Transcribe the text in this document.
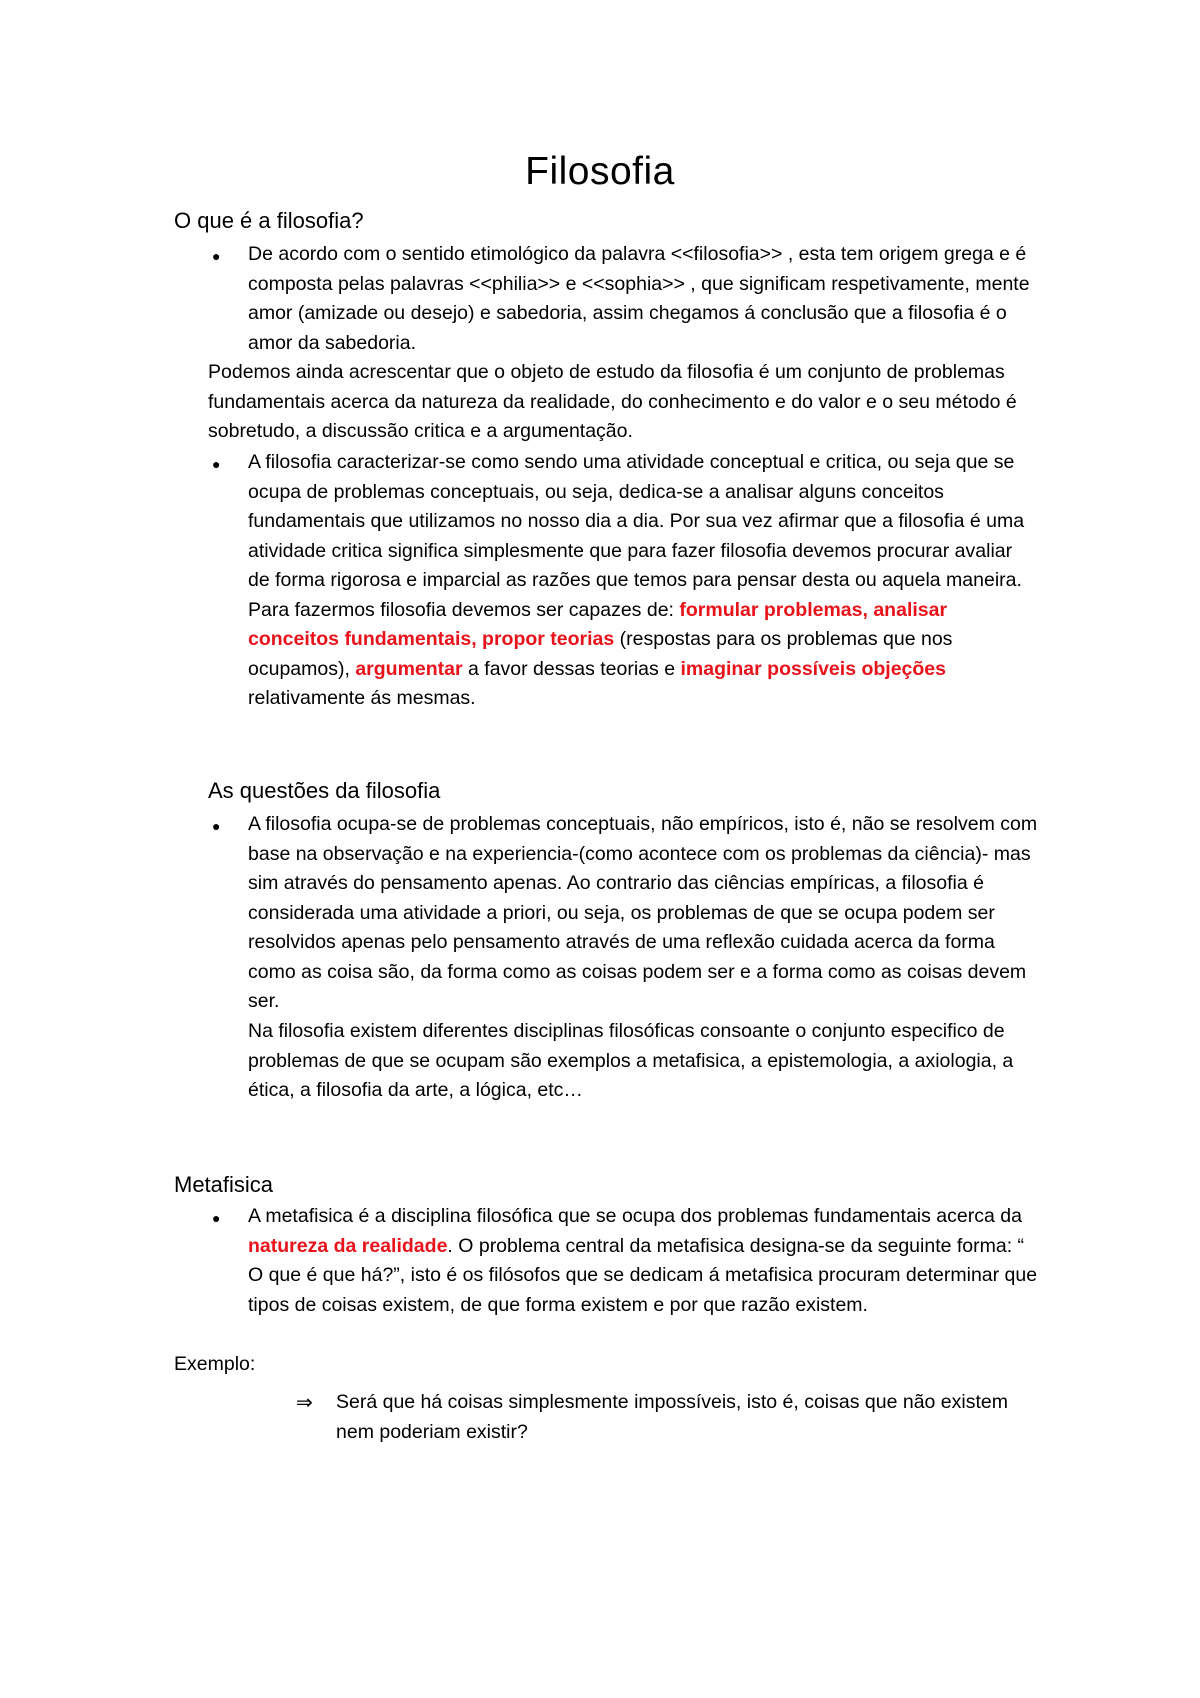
Filosofia
O que é a filosofia?
● De acordo com o sentido etimológico da palavra <<filosofia>> , esta tem origem grega e é composta pelas palavras <<philia>> e <<sophia>> , que significam respetivamente, mente amor (amizade ou desejo) e sabedoria, assim chegamos á conclusão que a filosofia é o amor da sabedoria.
Podemos ainda acrescentar que o objeto de estudo da filosofia é um conjunto de problemas fundamentais acerca da natureza da realidade, do conhecimento e do valor e o seu método é sobretudo, a discussão critica e a argumentação.
● A filosofia caracterizar-se como sendo uma atividade conceptual e critica, ou seja que se ocupa de problemas conceptuais, ou seja, dedica-se a analisar alguns conceitos fundamentais que utilizamos no nosso dia a dia. Por sua vez afirmar que a filosofia é uma atividade critica significa simplesmente que para fazer filosofia devemos procurar avaliar de forma rigorosa e imparcial as razões que temos para pensar desta ou aquela maneira. Para fazermos filosofia devemos ser capazes de: formular problemas, analisar conceitos fundamentais, propor teorias (respostas para os problemas que nos ocupamos), argumentar a favor dessas teorias e imaginar possíveis objeções relativamente ás mesmas.
As questões da filosofia
● A filosofia ocupa-se de problemas conceptuais, não empíricos, isto é, não se resolvem com base na observação e na experiencia-(como acontece com os problemas da ciência)- mas sim através do pensamento apenas. Ao contrario das ciências empíricas, a filosofia é considerada uma atividade a priori, ou seja, os problemas de que se ocupa podem ser resolvidos apenas pelo pensamento através de uma reflexão cuidada acerca da forma como as coisa são, da forma como as coisas podem ser e a forma como as coisas devem ser.
Na filosofia existem diferentes disciplinas filosóficas consoante o conjunto especifico de problemas de que se ocupam são exemplos a metafisica, a epistemologia, a axiologia, a ética, a filosofia da arte, a lógica, etc…
Metafisica
● A metafisica é a disciplina filosófica que se ocupa dos problemas fundamentais acerca da natureza da realidade. O problema central da metafisica designa-se da seguinte forma: “ O que é que há?”, isto é os filósofos que se dedicam á metafisica procuram determinar que tipos de coisas existem, de que forma existem e por que razão existem.
Exemplo:
⇒ Será que há coisas simplesmente impossíveis, isto é, coisas que não existem nem poderiam existir?
